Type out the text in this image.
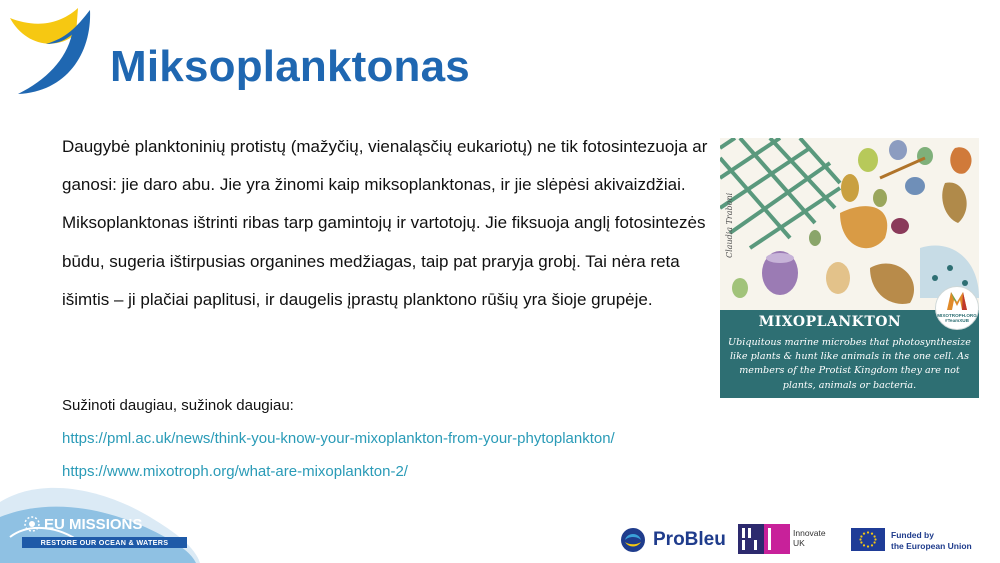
Miksoplanktonas
Daugybė planktoninių protistų (mažyčių, vienaląsčių eukariotų) ne tik fotosintezuoja ar ganosi: jie daro abu. Jie yra žinomi kaip miksoplanktonas, ir jie slėpėsi akivaizdžiai. Miksoplanktonas ištrinti ribas tarp gamintojų ir vartotojų. Jie fiksuoja anglį fotosintezės būdu, sugeria ištirpusias organines medžiagas, taip pat praryja grobį. Tai nėra reta išimtis – ji plačiai paplitusi, ir daugelis įprastų planktono rūšių yra šioje grupėje.
Sužinoti daugiau, sužinok daugiau:
https://pml.ac.uk/news/think-you-know-your-mixoplankton-from-your-phytoplankton/
https://www.mixotroph.org/what-are-mixoplankton-2/
Claudia Traboni
MIXOPLANKTON
Ubiquitous marine microbes that photosynthesize like plants & hunt like animals in the one cell. As members of the Protist Kingdom they are not plants, animals or bacteria.
MIXOTROPH.ORG
#TeamXUB
EU MISSIONS
RESTORE OUR OCEAN & WATERS	ProBleu	Innovate
UK
Funded by
the European Union
